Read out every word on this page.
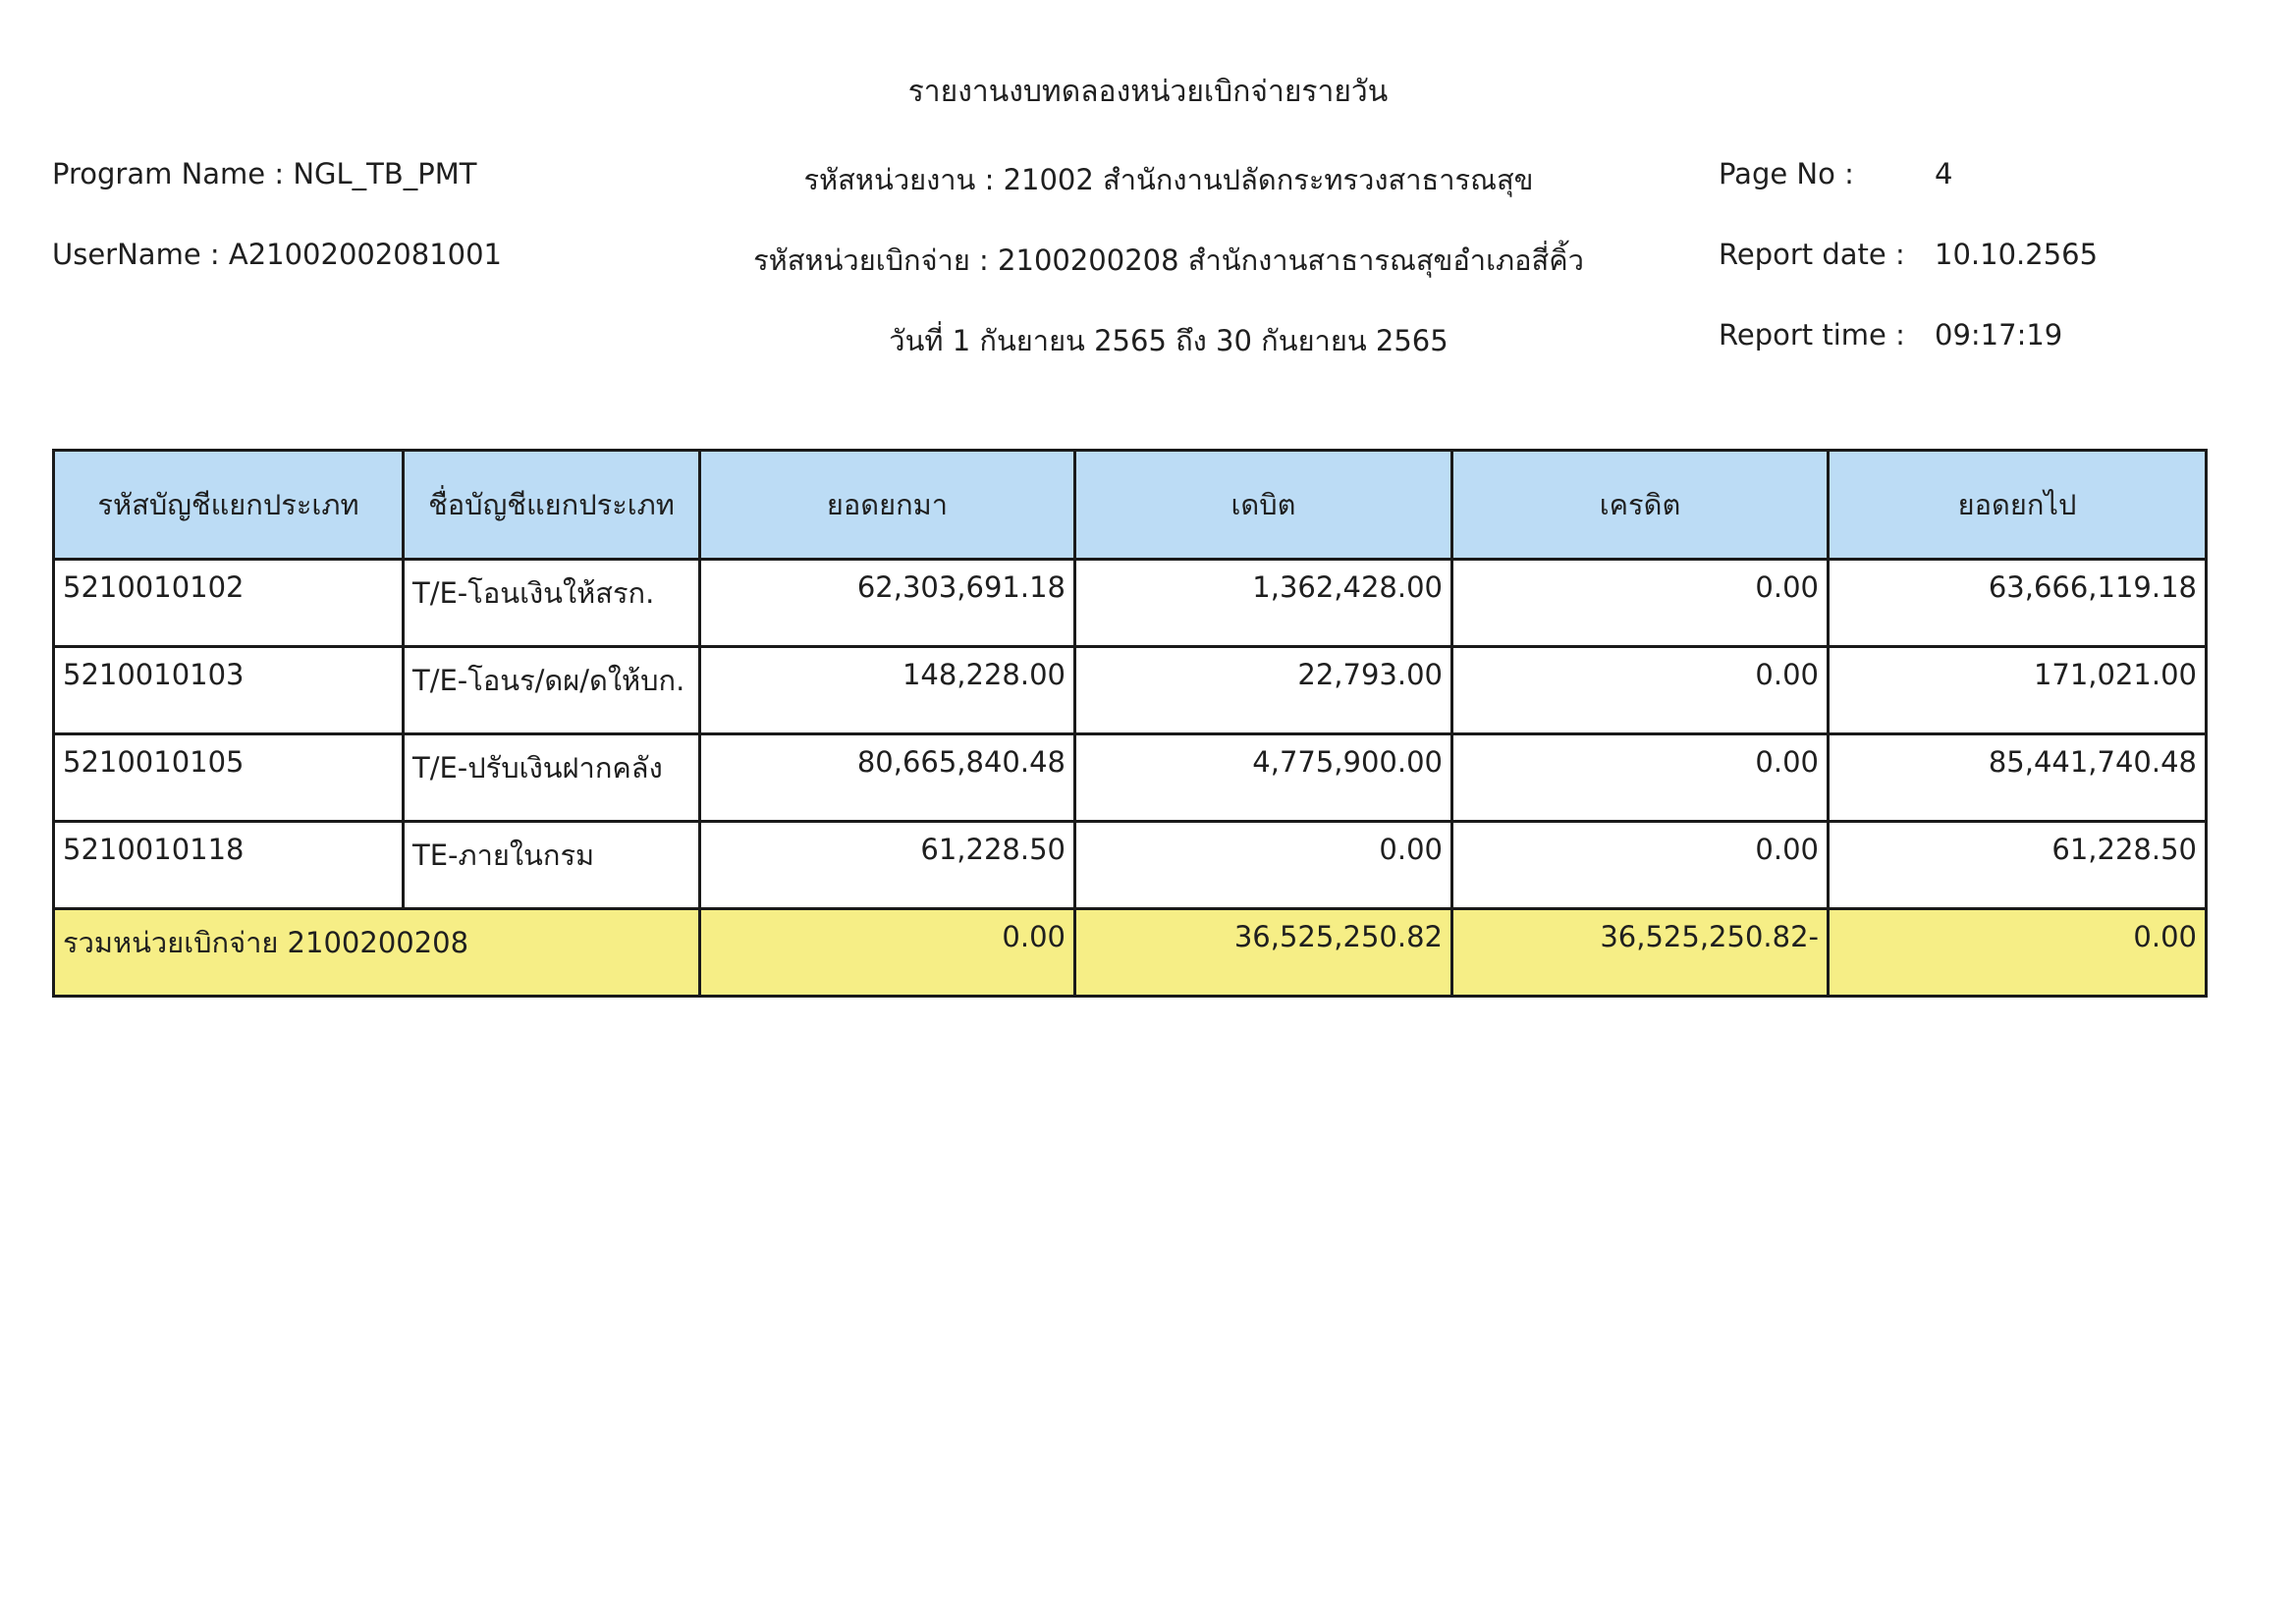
รายงานงบทดลองหน่วยเบิกจ่ายรายวัน
Program Name : NGL_TB_PMT
UserName : A21002002081001
รหัสหน่วยงาน : 21002 สำนักงานปลัดกระทรวงสาธารณสุข
รหัสหน่วยเบิกจ่าย : 2100200208 สำนักงานสาธารณสุขอำเภอสี่คิ้ว
วันที่ 1 กันยายน 2565 ถึง 30 กันยายน 2565
Page No :	4
Report date : 10.10.2565
Report time : 09:17:19
รหัสบัญชีแยกประเภท	ชื่อบัญชีแยกประเภท	ยอดยกมา	เดบิต	เครดิต	ยอดยกไป
5210010102	T/E-โอนเงินให้สรก.	62,303,691.18	1,362,428.00	0.00	63,666,119.18
5210010103	T/E-โอนร/ดผ/ดให้บก.	148,228.00	22,793.00	0.00	171,021.00
5210010105	T/E-ปรับเงินฝากคลัง	80,665,840.48	4,775,900.00	0.00	85,441,740.48
5210010118	TE-ภายในกรม	61,228.50	0.00	0.00	61,228.50
รวมหน่วยเบิกจ่าย 2100200208		0.00	36,525,250.82	36,525,250.82-	0.00
